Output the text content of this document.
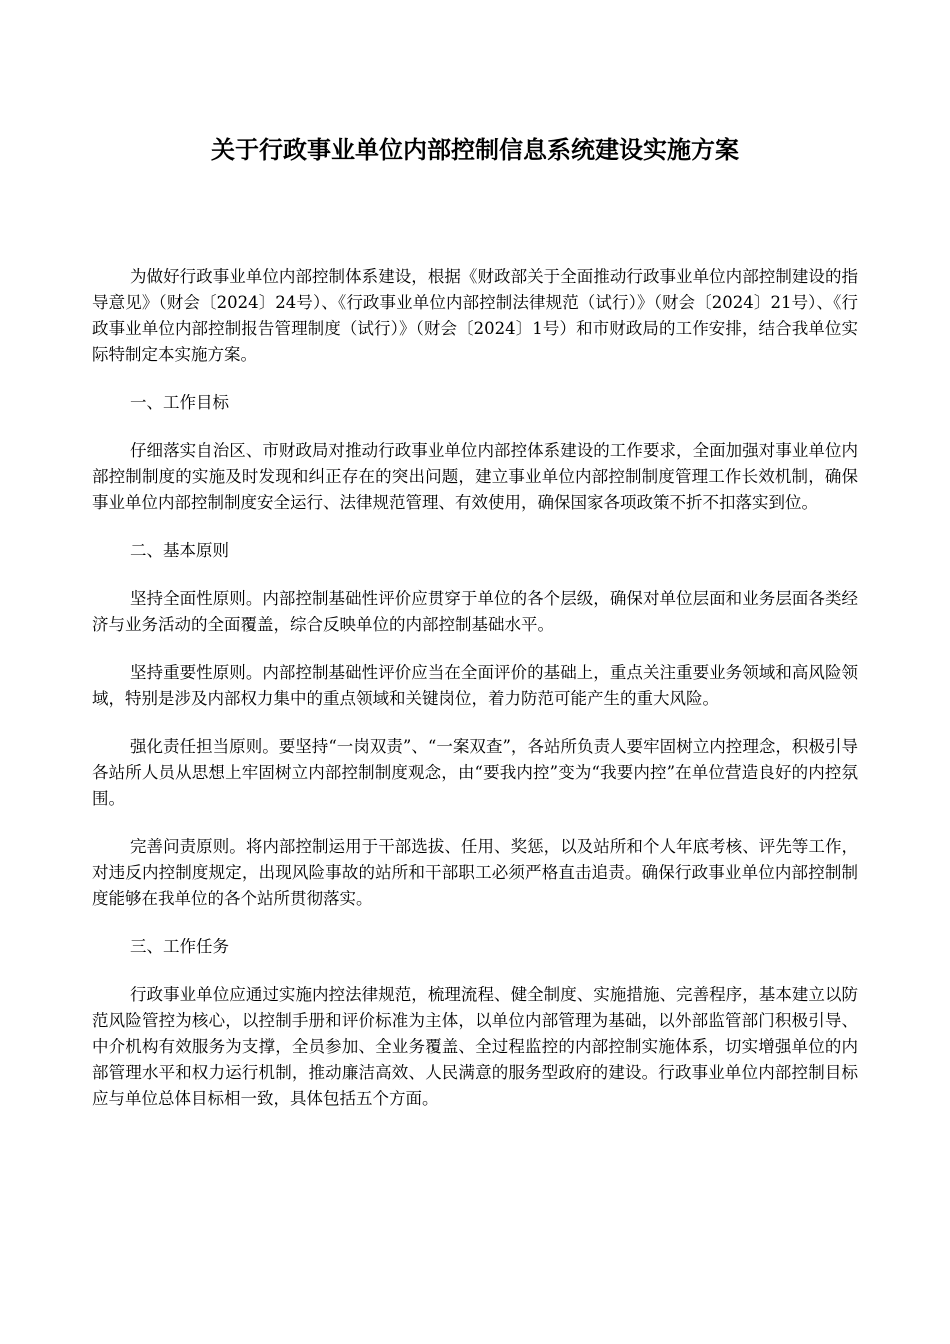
关于行政事业单位内部控制信息系统建设实施方案

为做好行政事业单位内部控制体系建设，根据《财政部关于全面推动行政事业单位内部控制建设的指导意见》（财会〔2024〕24号）、《行政事业单位内部控制法律规范（试行）》（财会〔2024〕21号）、《行政事业单位内部控制报告管理制度（试行）》（财会〔2024〕1号）和市财政局的工作安排，结合我单位实际特制定本实施方案。

一、工作目标

仔细落实自治区、市财政局对推动行政事业单位内部控体系建设的工作要求，全面加强对事业单位内部控制制度的实施及时发现和纠正存在的突出问题，建立事业单位内部控制制度管理工作长效机制，确保事业单位内部控制制度安全运行、法律规范管理、有效使用，确保国家各项政策不折不扣落实到位。

二、基本原则

坚持全面性原则。内部控制基础性评价应贯穿于单位的各个层级，确保对单位层面和业务层面各类经济与业务活动的全面覆盖，综合反映单位的内部控制基础水平。

坚持重要性原则。内部控制基础性评价应当在全面评价的基础上，重点关注重要业务领域和高风险领域，特别是涉及内部权力集中的重点领域和关键岗位，着力防范可能产生的重大风险。

强化责任担当原则。要坚持“一岗双责”、“一案双查”，各站所负责人要牢固树立内控理念，积极引导各站所人员从思想上牢固树立内部控制制度观念，由“要我内控”变为“我要内控”在单位营造良好的内控氛围。

完善问责原则。将内部控制运用于干部选拔、任用、奖惩，以及站所和个人年底考核、评先等工作，对违反内控制度规定，出现风险事故的站所和干部职工必须严格直击追责。确保行政事业单位内部控制制度能够在我单位的各个站所贯彻落实。

三、工作任务

行政事业单位应通过实施内控法律规范，梳理流程、健全制度、实施措施、完善程序，基本建立以防范风险管控为核心，以控制手册和评价标准为主体，以单位内部管理为基础，以外部监管部门积极引导、中介机构有效服务为支撑，全员参加、全业务覆盖、全过程监控的内部控制实施体系，切实增强单位的内部管理水平和权力运行机制，推动廉洁高效、人民满意的服务型政府的建设。行政事业单位内部控制目标应与单位总体目标相一致，具体包括五个方面。
